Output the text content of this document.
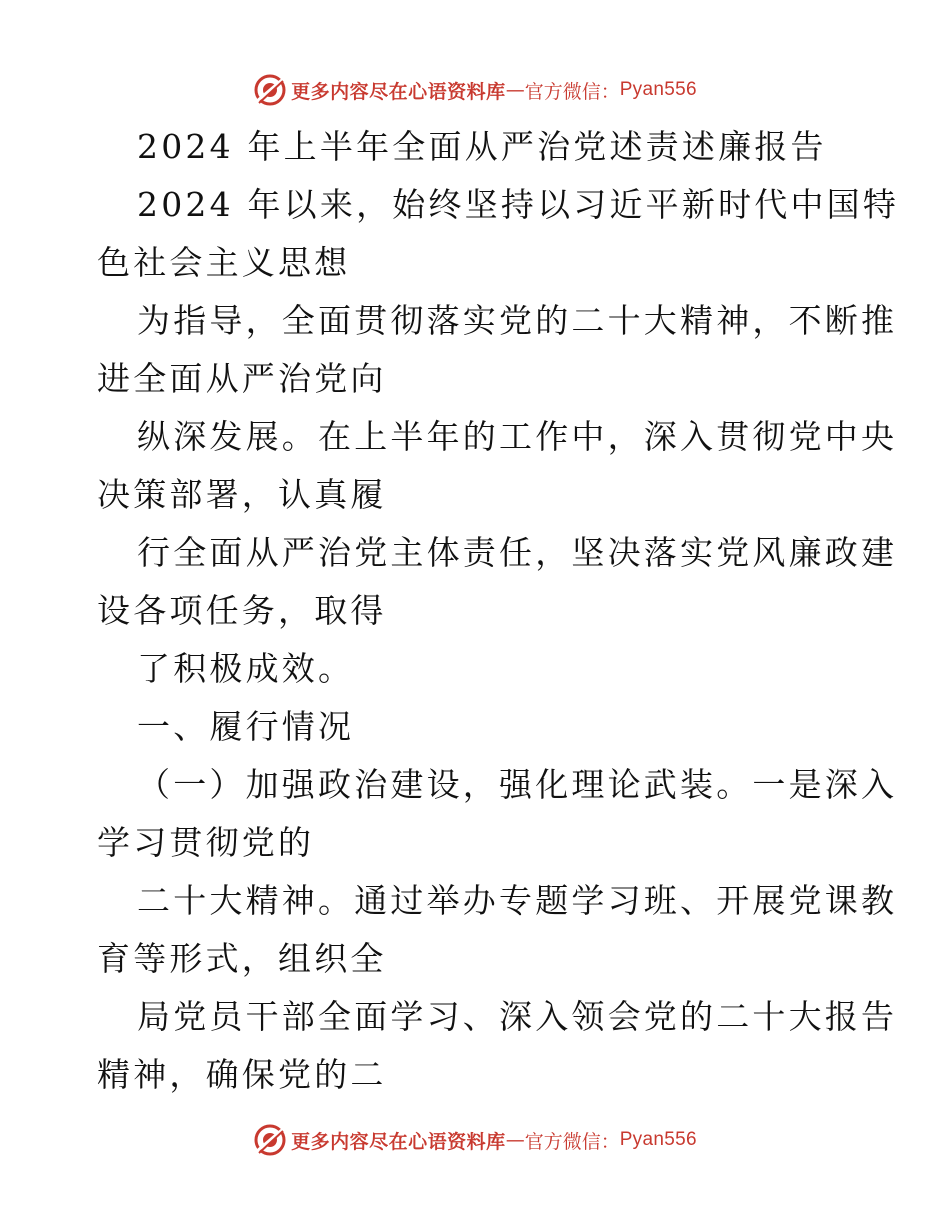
更多内容尽在心语资料库 — 官方微信： Pyan556
2024 年上半年全面从严治党述责述廉报告
2024 年以来，始终坚持以习近平新时代中国特
色社会主义思想
为指导，全面贯彻落实党的二十大精神，不断推
进全面从严治党向
纵深发展。在上半年的工作中，深入贯彻党中央
决策部署，认真履
行全面从严治党主体责任，坚决落实党风廉政建
设各项任务，取得
了积极成效。
一、履行情况
（一）加强政治建设，强化理论武装。一是深入
学习贯彻党的
二十大精神。通过举办专题学习班、开展党课教
育等形式，组织全
局党员干部全面学习、深入领会党的二十大报告
精神，确保党的二
更多内容尽在心语资料库 — 官方微信： Pyan556
